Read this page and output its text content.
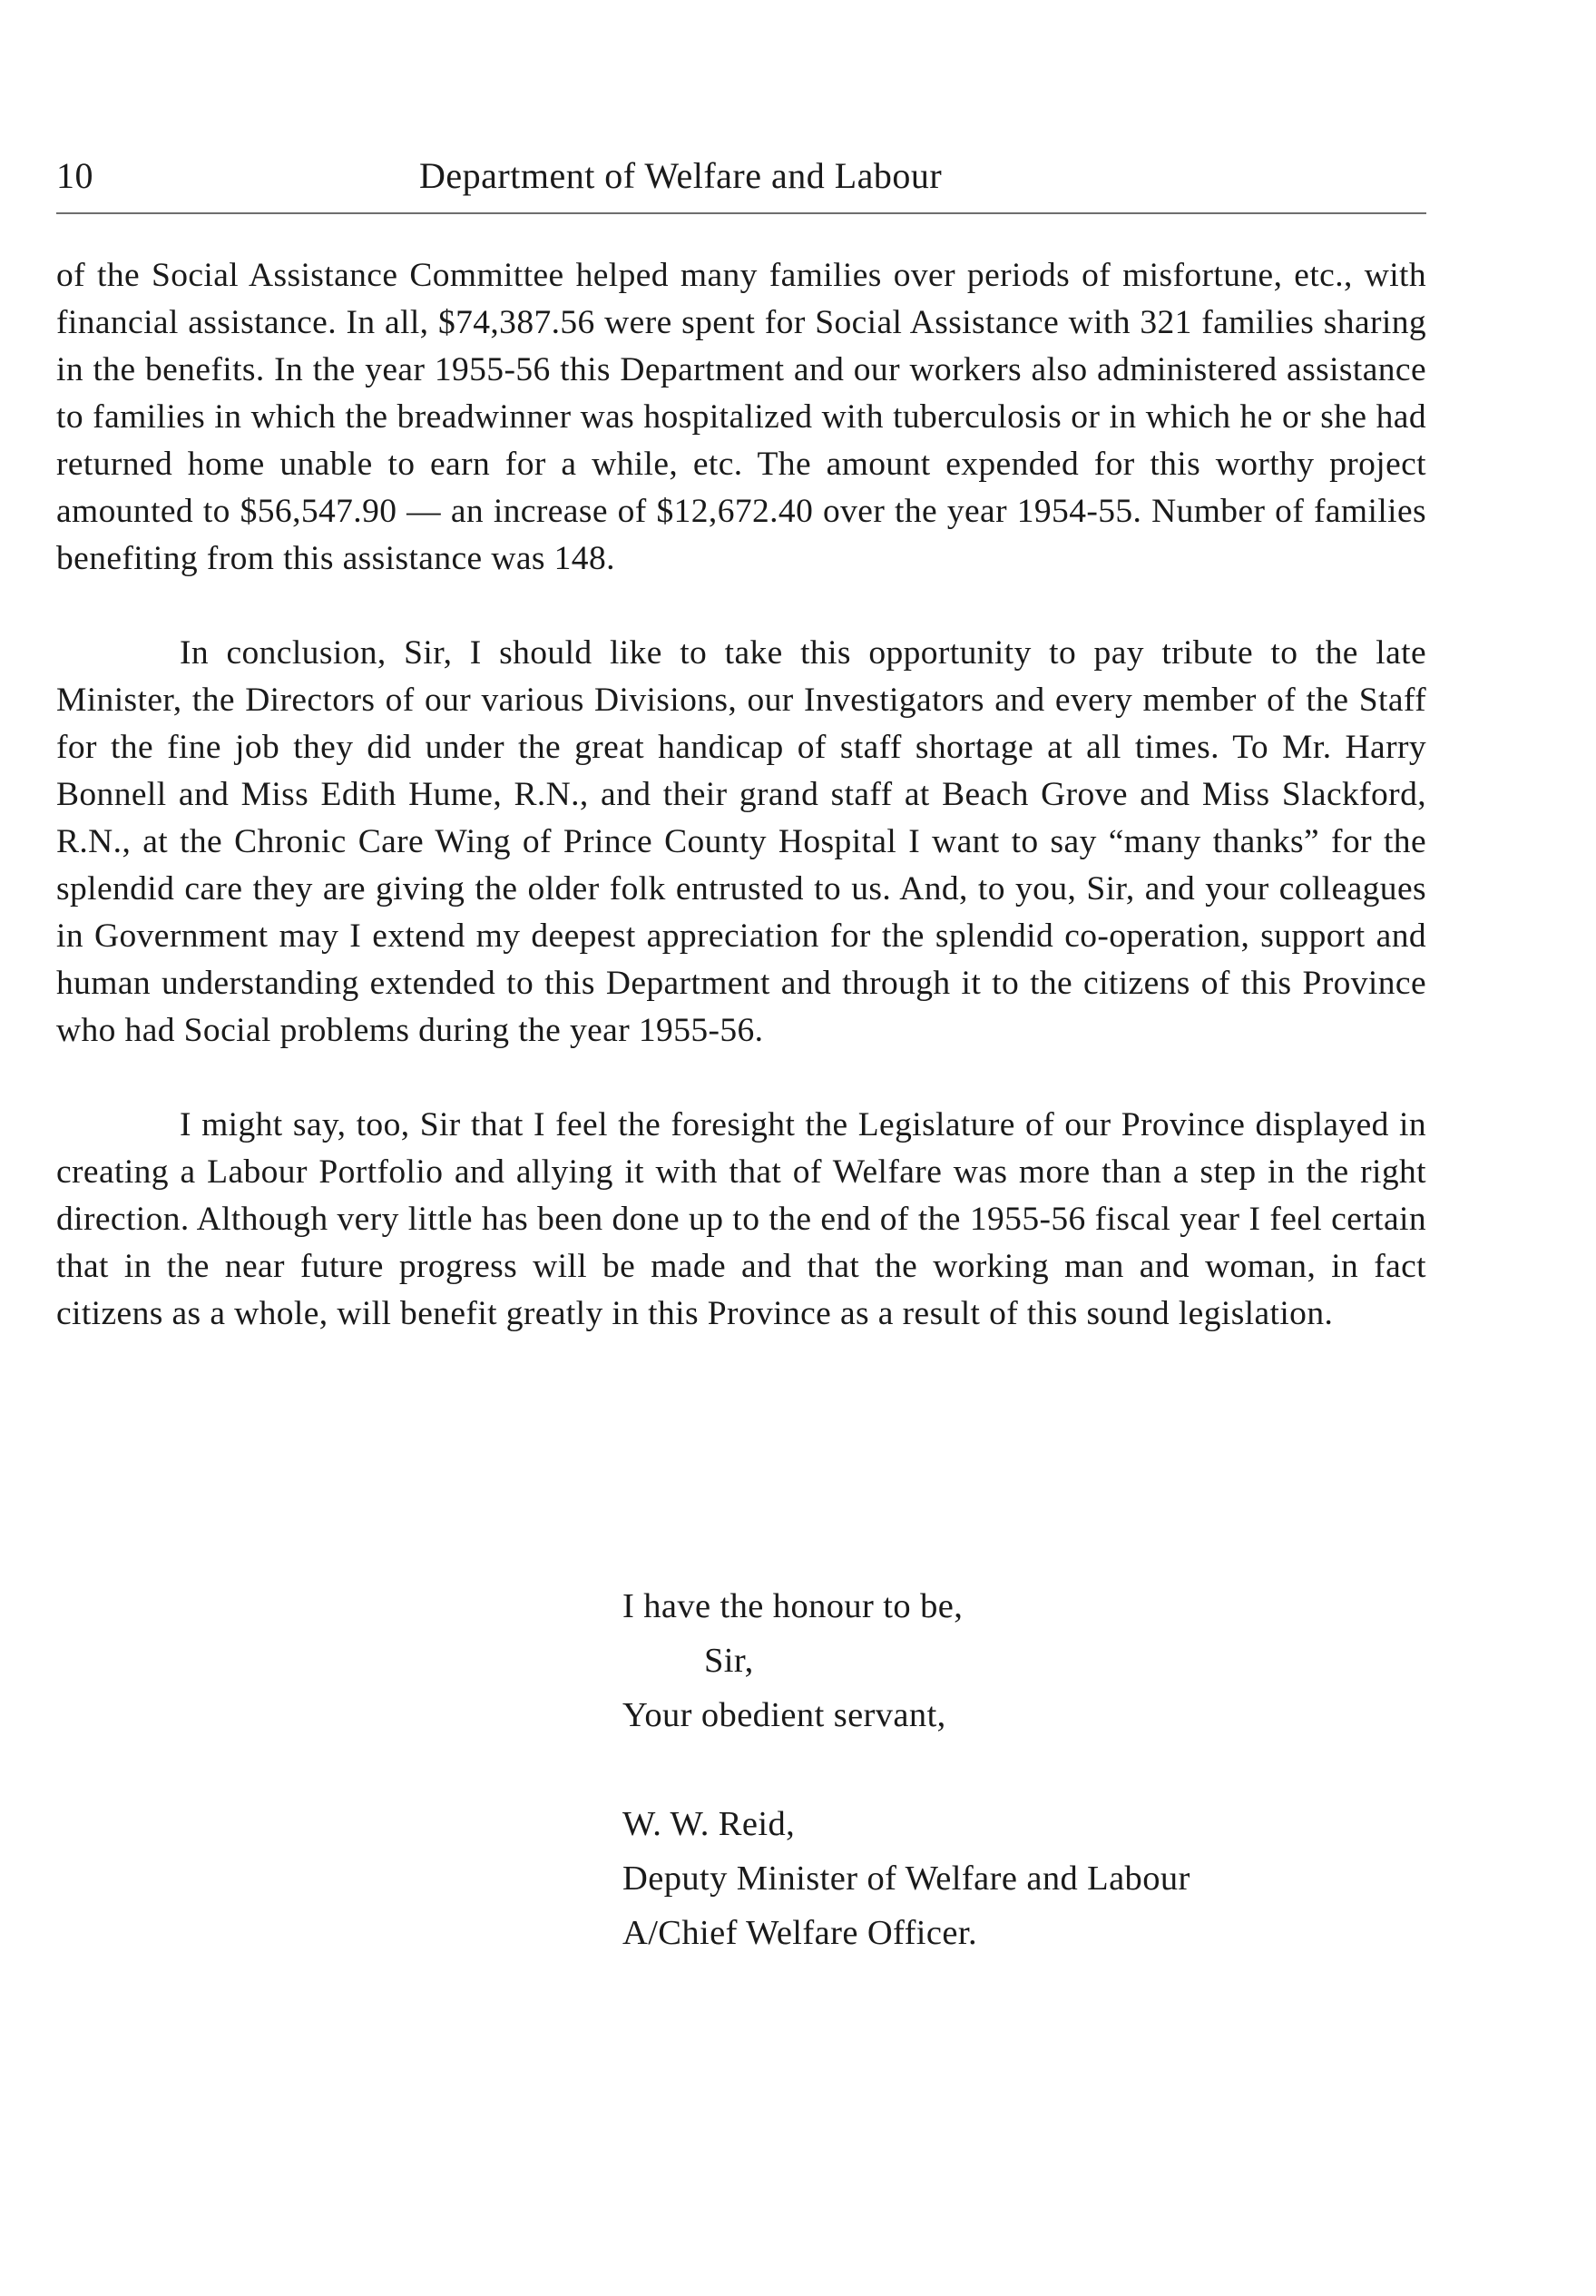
10	Department of Welfare and Labour

of the Social Assistance Committee helped many families over periods of misfortune, etc., with financial assistance. In all, $74,387.56 were spent for Social Assistance with 321 families sharing in the benefits. In the year 1955-56 this Department and our workers also administered assistance to families in which the breadwinner was hospitalized with tuberculosis or in which he or she had returned home unable to earn for a while, etc. The amount expended for this worthy project amounted to $56,547.90 — an increase of $12,672.40 over the year 1954-55. Number of families benefiting from this assistance was 148.

In conclusion, Sir, I should like to take this opportunity to pay tribute to the late Minister, the Directors of our various Divisions, our Investigators and every member of the Staff for the fine job they did under the great handicap of staff shortage at all times. To Mr. Harry Bonnell and Miss Edith Hume, R.N., and their grand staff at Beach Grove and Miss Slackford, R.N., at the Chronic Care Wing of Prince County Hospital I want to say “many thanks” for the splendid care they are giving the older folk entrusted to us. And, to you, Sir, and your colleagues in Government may I extend my deepest appreciation for the splendid co-operation, support and human understanding extended to this Department and through it to the citizens of this Province who had Social problems during the year 1955-56.

I might say, too, Sir that I feel the foresight the Legislature of our Province displayed in creating a Labour Portfolio and allying it with that of Welfare was more than a step in the right direction. Although very little has been done up to the end of the 1955-56 fiscal year I feel certain that in the near future progress will be made and that the working man and woman, in fact citizens as a whole, will benefit greatly in this Province as a result of this sound legislation.

I have the honour to be,
Sir,
Your obedient servant,
W. W. Reid,
Deputy Minister of Welfare and Labour
A/Chief Welfare Officer.
